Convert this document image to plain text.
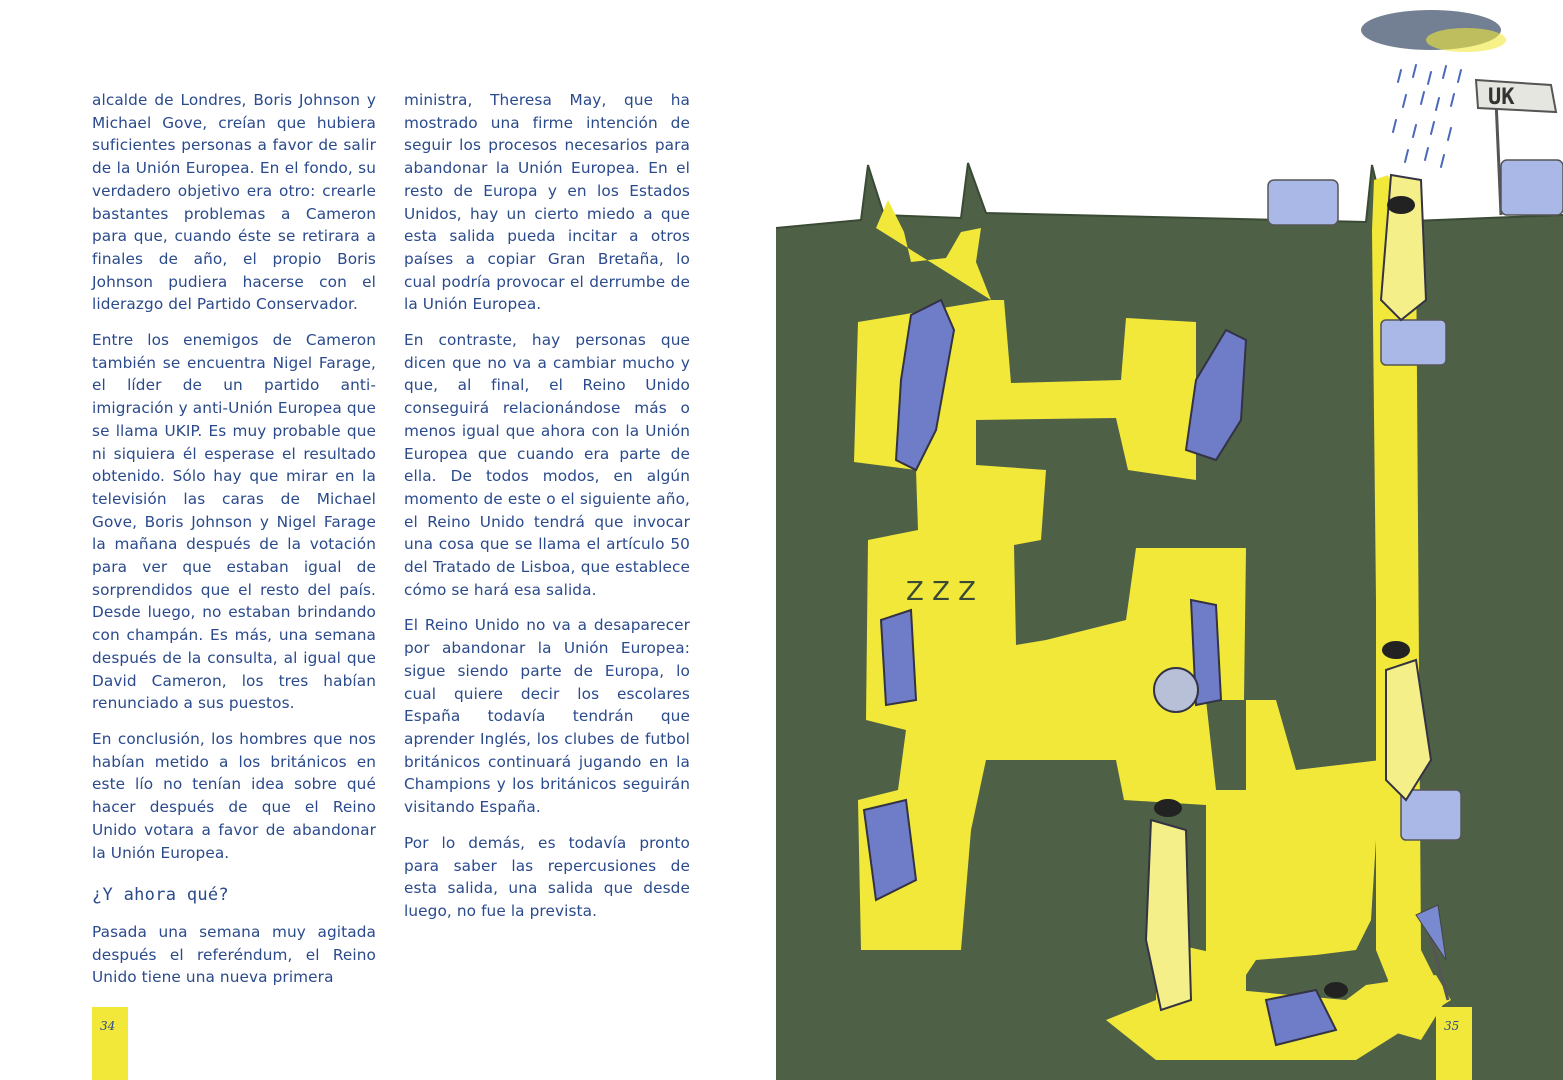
alcalde de Londres, Boris Johnson y Michael Gove, creían que hubiera suficientes personas a favor de salir de la Unión Europea. En el fondo, su verdadero objetivo era otro: crearle bastantes problemas a Cameron para que, cuando éste se retirara a finales de año, el propio Boris Johnson pudiera hacerse con el liderazgo del Partido Conservador.

Entre los enemigos de Cameron también se encuentra Nigel Farage, el líder de un partido anti-imigración y anti-Unión Europea que se llama UKIP. Es muy probable que ni siquiera él esperase el resultado obtenido. Sólo hay que mirar en la televisión las caras de Michael Gove, Boris Johnson y Nigel Farage la mañana después de la votación para ver que estaban igual de sorprendidos que el resto del país. Desde luego, no estaban brindando con champán. Es más, una semana después de la consulta, al igual que David Cameron, los tres habían renunciado a sus puestos.

En conclusión, los hombres que nos habían metido a los británicos en este lío no tenían idea sobre qué hacer después de que el Reino Unido votara a favor de abandonar la Unión Europea.

¿Y ahora qué?

Pasada una semana muy agitada después el referéndum, el Reino Unido tiene una nueva primera

ministra, Theresa May, que ha mostrado una firme intención de seguir los procesos necesarios para abandonar la Unión Europea. En el resto de Europa y en los Estados Unidos, hay un cierto miedo a que esta salida pueda incitar a otros países a copiar Gran Bretaña, lo cual podría provocar el derrumbe de la Unión Europea.

En contraste, hay personas que dicen que no va a cambiar mucho y que, al final, el Reino Unido conseguirá relacionándose más o menos igual que ahora con la Unión Europea que cuando era parte de ella. De todos modos, en algún momento de este o el siguiente año, el Reino Unido tendrá que invocar una cosa que se llama el artículo 50 del Tratado de Lisboa, que establece cómo se hará esa salida.

El Reino Unido no va a desaparecer por abandonar la Unión Europea: sigue siendo parte de Europa, lo cual quiere decir los escolares España todavía tendrán que aprender Inglés, los clubes de futbol británicos continuará jugando en la Champions y los británicos seguirán visitando España.

Por lo demás, es todavía pronto para saber las repercusiones de esta salida, una salida que desde luego, no fue la prevista.

34
UK
Z Z Z
35
